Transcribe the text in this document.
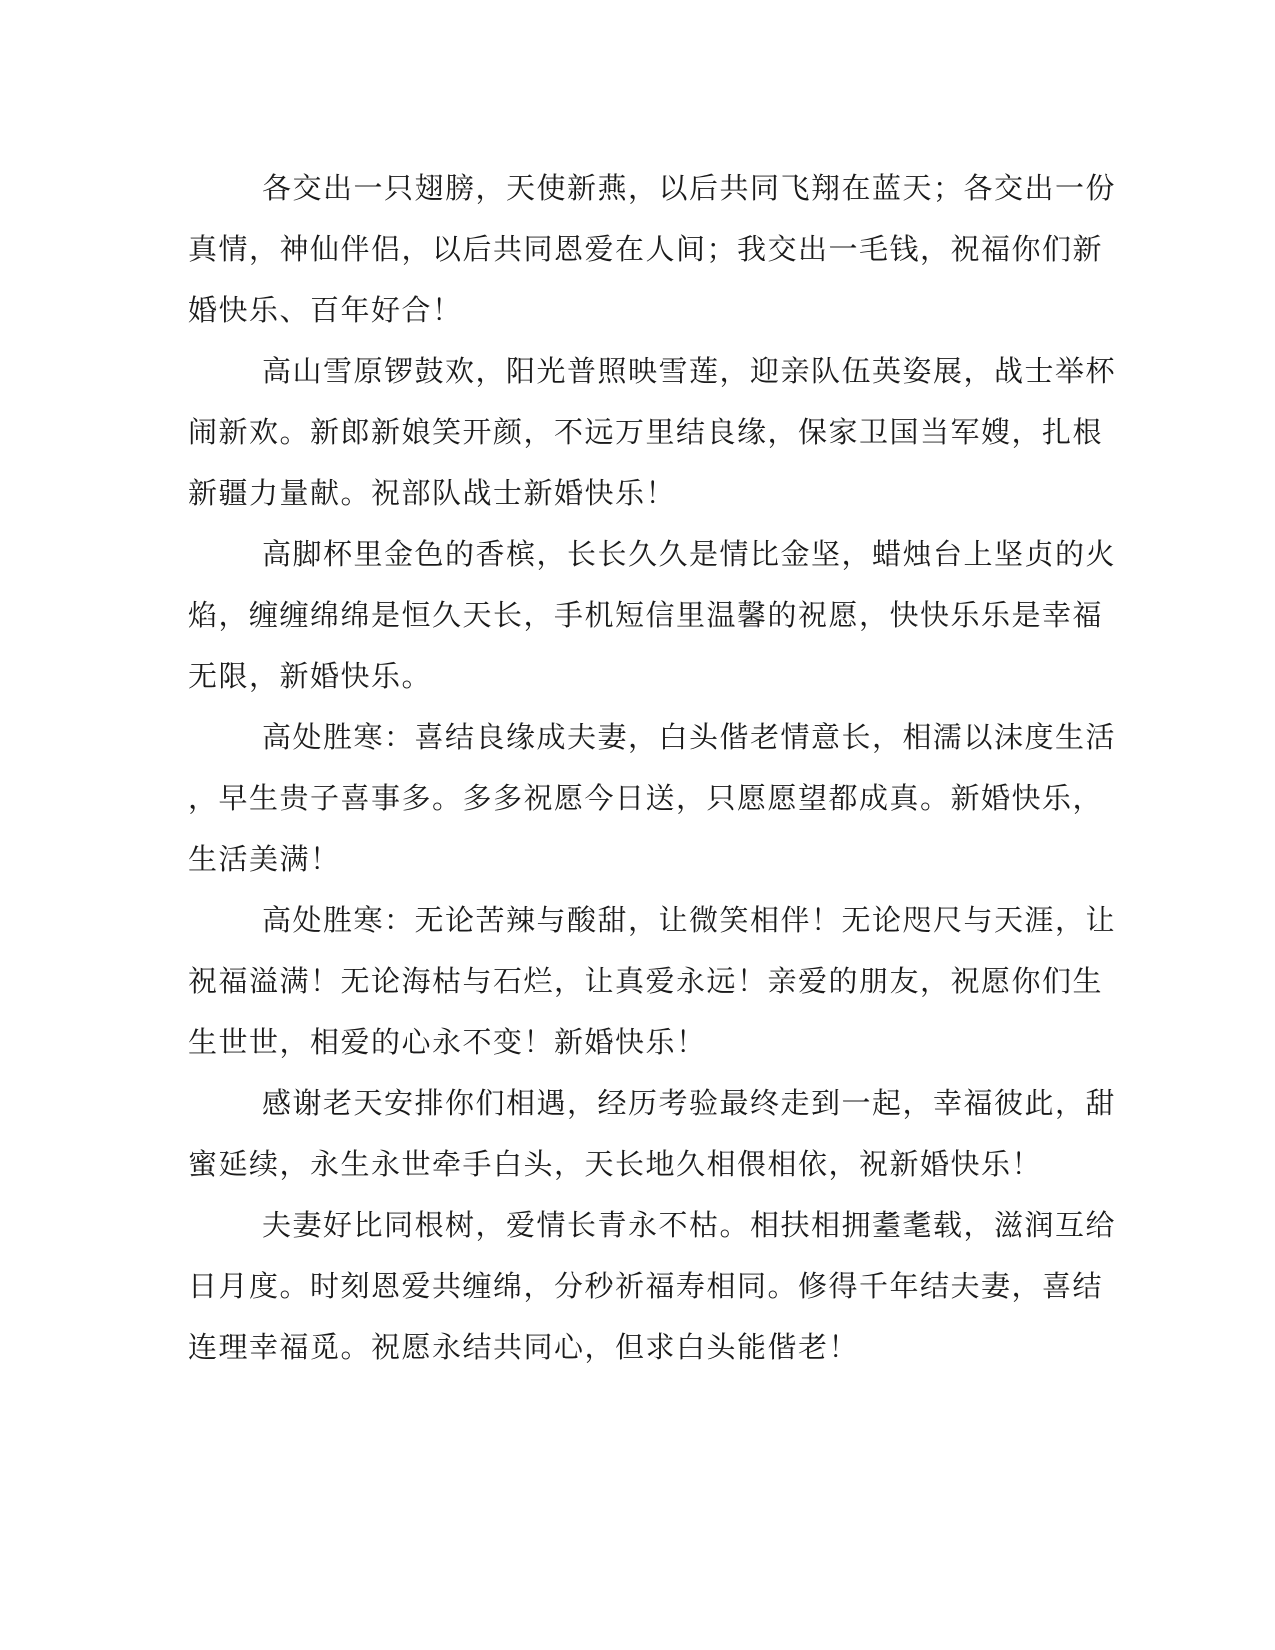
各交出一只翅膀，天使新燕，以后共同飞翔在蓝天；各交出一份
真情，神仙伴侣，以后共同恩爱在人间；我交出一毛钱，祝福你们新
婚快乐、百年好合！
高山雪原锣鼓欢，阳光普照映雪莲，迎亲队伍英姿展，战士举杯
闹新欢。新郎新娘笑开颜，不远万里结良缘，保家卫国当军嫂，扎根
新疆力量献。祝部队战士新婚快乐！
高脚杯里金色的香槟，长长久久是情比金坚，蜡烛台上坚贞的火
焰，缠缠绵绵是恒久天长，手机短信里温馨的祝愿，快快乐乐是幸福
无限，新婚快乐。
高处胜寒：喜结良缘成夫妻，白头偕老情意长，相濡以沫度生活
，早生贵子喜事多。多多祝愿今日送，只愿愿望都成真。新婚快乐，
生活美满！
高处胜寒：无论苦辣与酸甜，让微笑相伴！无论咫尺与天涯，让
祝福溢满！无论海枯与石烂，让真爱永远！亲爱的朋友，祝愿你们生
生世世，相爱的心永不变！新婚快乐！
感谢老天安排你们相遇，经历考验最终走到一起，幸福彼此，甜
蜜延续，永生永世牵手白头，天长地久相偎相依，祝新婚快乐！
夫妻好比同根树，爱情长青永不枯。相扶相拥耋耄载，滋润互给
日月度。时刻恩爱共缠绵，分秒祈福寿相同。修得千年结夫妻，喜结
连理幸福觅。祝愿永结共同心，但求白头能偕老！
